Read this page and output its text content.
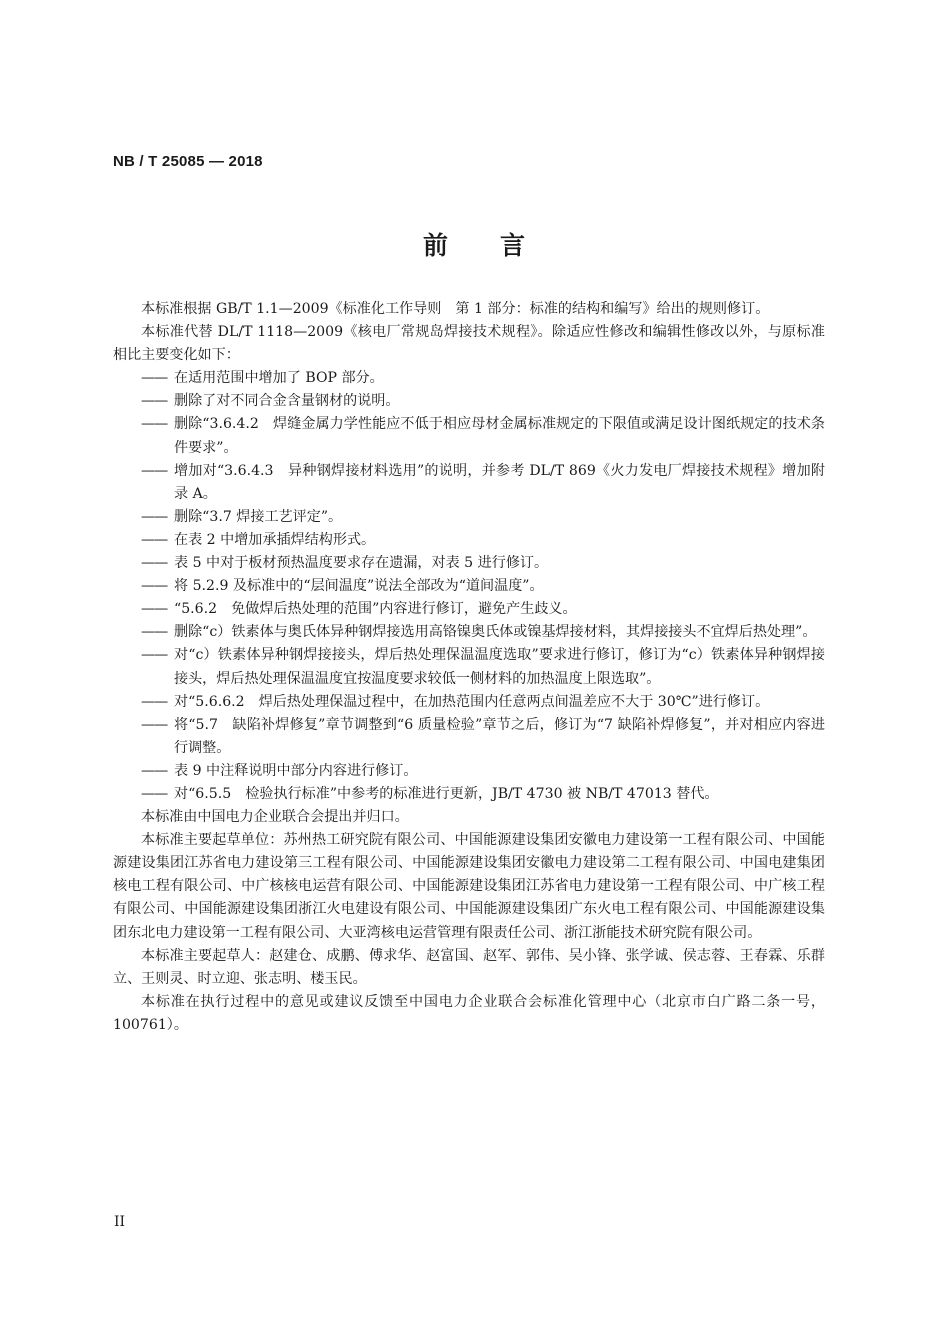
NB / T 25085 — 2018
前 言

本标准根据 GB/T 1.1—2009《标准化工作导则　第 1 部分：标准的结构和编写》给出的规则修订。

本标准代替 DL/T 1118—2009《核电厂常规岛焊接技术规程》。除适应性修改和编辑性修改以外，与原标准相比主要变化如下：

—— 在适用范围中增加了 BOP 部分。

—— 删除了对不同合金含量钢材的说明。

—— 删除“3.6.4.2　焊缝金属力学性能应不低于相应母材金属标准规定的下限值或满足设计图纸规定的技术条件要求”。

—— 增加对“3.6.4.3　异种钢焊接材料选用”的说明，并参考 DL/T 869《火力发电厂焊接技术规程》增加附录 A。

—— 删除“3.7 焊接工艺评定”。

—— 在表 2 中增加承插焊结构形式。

—— 表 5 中对于板材预热温度要求存在遗漏，对表 5 进行修订。

—— 将 5.2.9 及标准中的“层间温度”说法全部改为“道间温度”。

—— “5.6.2　免做焊后热处理的范围”内容进行修订，避免产生歧义。

—— 删除“c）铁素体与奥氏体异种钢焊接选用高铬镍奥氏体或镍基焊接材料，其焊接接头不宜焊后热处理”。

—— 对“c）铁素体异种钢焊接接头，焊后热处理保温温度选取”要求进行修订，修订为“c）铁素体异种钢焊接接头，焊后热处理保温温度宜按温度要求较低一侧材料的加热温度上限选取”。

—— 对“5.6.6.2　焊后热处理保温过程中，在加热范围内任意两点间温差应不大于 30℃”进行修订。

—— 将“5.7　缺陷补焊修复”章节调整到“6 质量检验”章节之后，修订为“7 缺陷补焊修复”，并对相应内容进行调整。

—— 表 9 中注释说明中部分内容进行修订。

—— 对“6.5.5　检验执行标准”中参考的标准进行更新，JB/T 4730 被 NB/T 47013 替代。

本标准由中国电力企业联合会提出并归口。

本标准主要起草单位：苏州热工研究院有限公司、中国能源建设集团安徽电力建设第一工程有限公司、中国能源建设集团江苏省电力建设第三工程有限公司、中国能源建设集团安徽电力建设第二工程有限公司、中国电建集团核电工程有限公司、中广核核电运营有限公司、中国能源建设集团江苏省电力建设第一工程有限公司、中广核工程有限公司、中国能源建设集团浙江火电建设有限公司、中国能源建设集团广东火电工程有限公司、中国能源建设集团东北电力建设第一工程有限公司、大亚湾核电运营管理有限责任公司、浙江浙能技术研究院有限公司。

本标准主要起草人：赵建仓、成鹏、傅求华、赵富国、赵军、郭伟、吴小锋、张学诚、侯志蓉、王春霖、乐群立、王则灵、时立迎、张志明、楼玉民。

本标准在执行过程中的意见或建议反馈至中国电力企业联合会标准化管理中心（北京市白广路二条一号，100761）。

II
